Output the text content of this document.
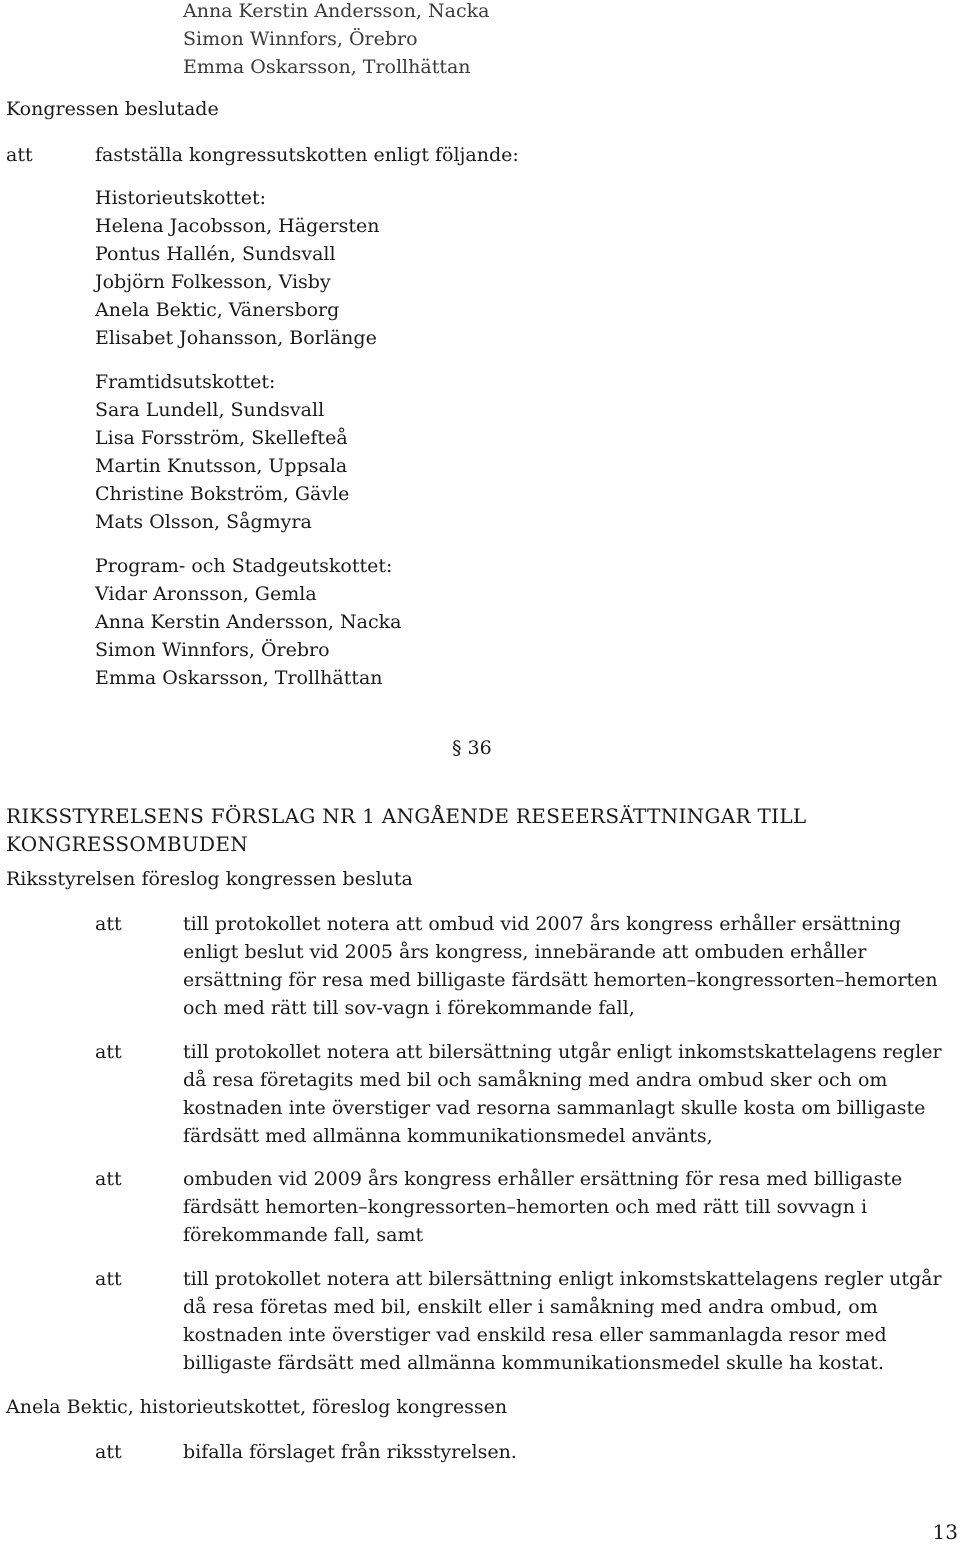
Anna Kerstin Andersson, Nacka
Simon Winnfors, Örebro
Emma Oskarsson, Trollhättan

Kongressen beslutade

att	fastställa kongressutskotten enligt följande:

Historieutskottet:
Helena Jacobsson, Hägersten
Pontus Hallén, Sundsvall
Jobjörn Folkesson, Visby
Anela Bektic, Vänersborg
Elisabet Johansson, Borlänge
Framtidsutskottet:
Sara Lundell, Sundsvall
Lisa Forsström, Skellefteå
Martin Knutsson, Uppsala
Christine Bokström, Gävle
Mats Olsson, Sågmyra
Program- och Stadgeutskottet:
Vidar Aronsson, Gemla
Anna Kerstin Andersson, Nacka
Simon Winnfors, Örebro
Emma Oskarsson, Trollhättan

§ 36

RIKSSTYRELSENS FÖRSLAG NR 1 ANGÅENDE RESEERSÄTTNINGAR TILL
KONGRESSOMBUDEN

Riksstyrelsen föreslog kongressen besluta

att	till protokollet notera att ombud vid 2007 års kongress erhåller ersättning enligt beslut vid 2005 års kongress, innebärande att ombuden erhåller ersättning för resa med billigaste färdsätt hemorten–kongressorten–hemorten och med rätt till sov-vagn i förekommande fall,

att	till protokollet notera att bilersättning utgår enligt inkomstskattelagens regler då resa företagits med bil och samåkning med andra ombud sker och om kostnaden inte överstiger vad resorna sammanlagt skulle kosta om billigaste färdsätt med allmänna kommunikationsmedel använts,

att	ombuden vid 2009 års kongress erhåller ersättning för resa med billigaste färdsätt hemorten–kongressorten–hemorten och med rätt till sovvagn i förekommande fall, samt

att	till protokollet notera att bilersättning enligt inkomstskattelagens regler utgår då resa företas med bil, enskilt eller i samåkning med andra ombud, om kostnaden inte överstiger vad enskild resa eller sammanlagda resor med billigaste färdsätt med allmänna kommunikationsmedel skulle ha kostat.

Anela Bektic, historieutskottet, föreslog kongressen

att	bifalla förslaget från riksstyrelsen.

13
